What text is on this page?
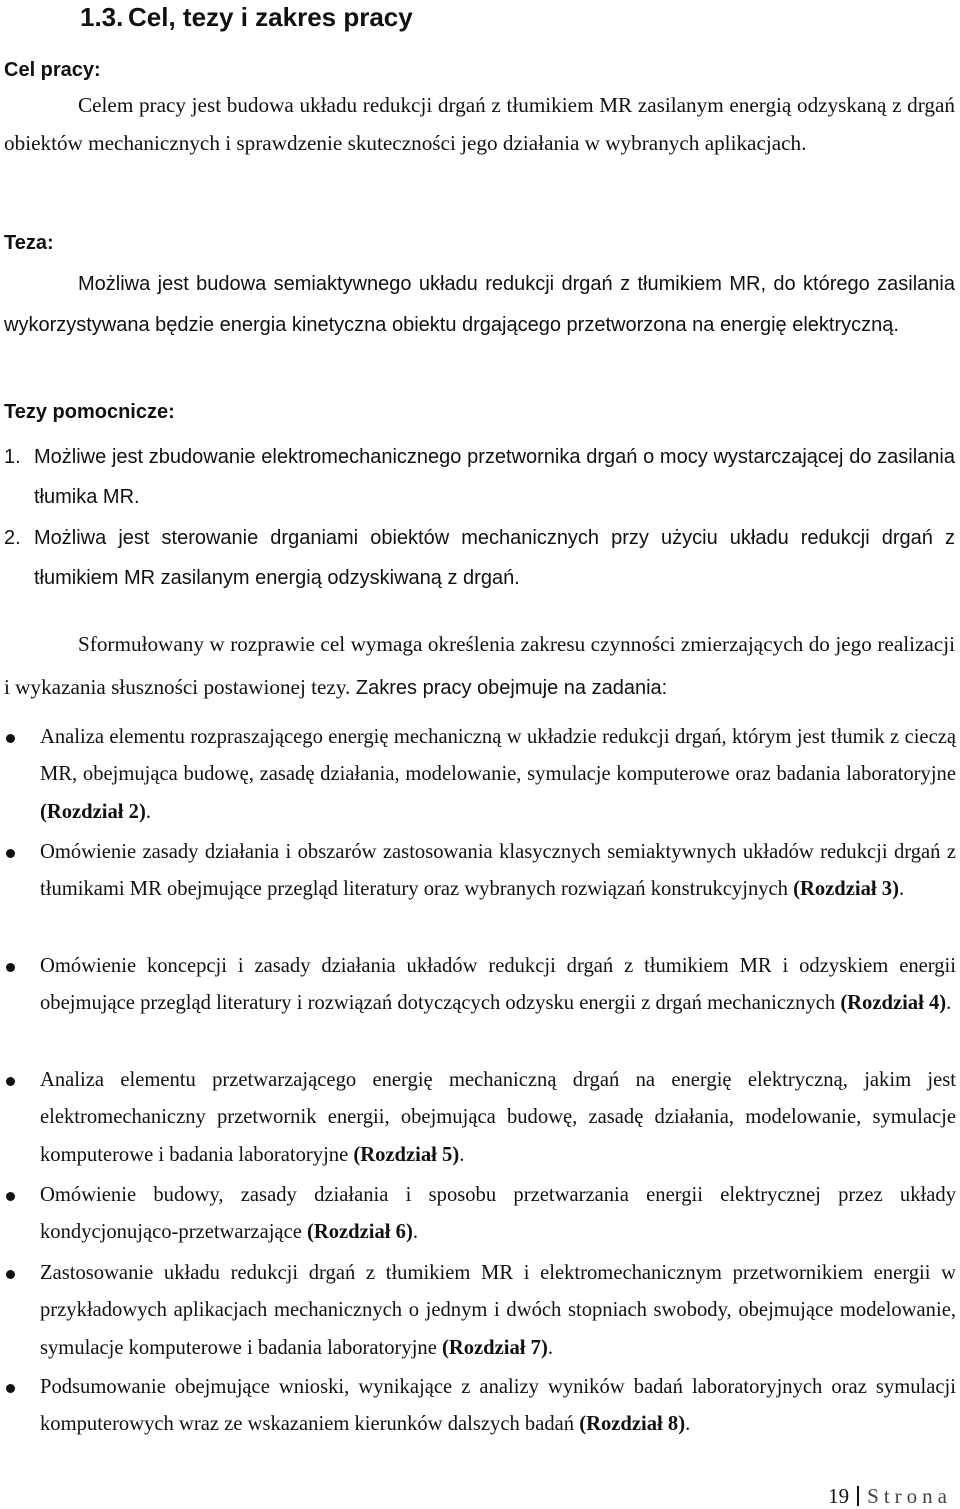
1.3. Cel, tezy i zakres pracy
Cel pracy:

Celem pracy jest budowa układu redukcji drgań z tłumikiem MR zasilanym energią odzyskaną z drgań obiektów mechanicznych i sprawdzenie skuteczności jego działania w wybranych aplikacjach.

Teza:

Możliwa jest budowa semiaktywnego układu redukcji drgań z tłumikiem MR, do którego zasilania wykorzystywana będzie energia kinetyczna obiektu drgającego przetworzona na energię elektryczną.

Tezy pomocnicze:
1. Możliwe jest zbudowanie elektromechanicznego przetwornika drgań o mocy wystarczającej do zasilania tłumika MR.
2. Możliwa jest sterowanie drganiami obiektów mechanicznych przy użyciu układu redukcji drgań z tłumikiem MR zasilanym energią odzyskiwaną z drgań.

Sformułowany w rozprawie cel wymaga określenia zakresu czynności zmierzających do jego realizacji i wykazania słuszności postawionej tezy. Zakres pracy obejmuje na zadania:

Analiza elementu rozpraszającego energię mechaniczną w układzie redukcji drgań, którym jest tłumik z cieczą MR, obejmująca budowę, zasadę działania, modelowanie, symulacje komputerowe oraz badania laboratoryjne (Rozdział 2).
Omówienie zasady działania i obszarów zastosowania klasycznych semiaktywnych układów redukcji drgań z tłumikami MR obejmujące przegląd literatury oraz wybranych rozwiązań konstrukcyjnych (Rozdział 3).
Omówienie koncepcji i zasady działania układów redukcji drgań z tłumikiem MR i odzyskiem energii obejmujące przegląd literatury i rozwiązań dotyczących odzysku energii z drgań mechanicznych (Rozdział 4).
Analiza elementu przetwarzającego energię mechaniczną drgań na energię elektryczną, jakim jest elektromechaniczny przetwornik energii, obejmująca budowę, zasadę działania, modelowanie, symulacje komputerowe i badania laboratoryjne (Rozdział 5).
Omówienie budowy, zasady działania i sposobu przetwarzania energii elektrycznej przez układy kondycjonująco-przetwarzające (Rozdział 6).
Zastosowanie układu redukcji drgań z tłumikiem MR i elektromechanicznym przetwornikiem energii w przykładowych aplikacjach mechanicznych o jednym i dwóch stopniach swobody, obejmujące modelowanie, symulacje komputerowe i badania laboratoryjne (Rozdział 7).
Podsumowanie obejmujące wnioski, wynikające z analizy wyników badań laboratoryjnych oraz symulacji komputerowych wraz ze wskazaniem kierunków dalszych badań (Rozdział 8).
19 Strona
